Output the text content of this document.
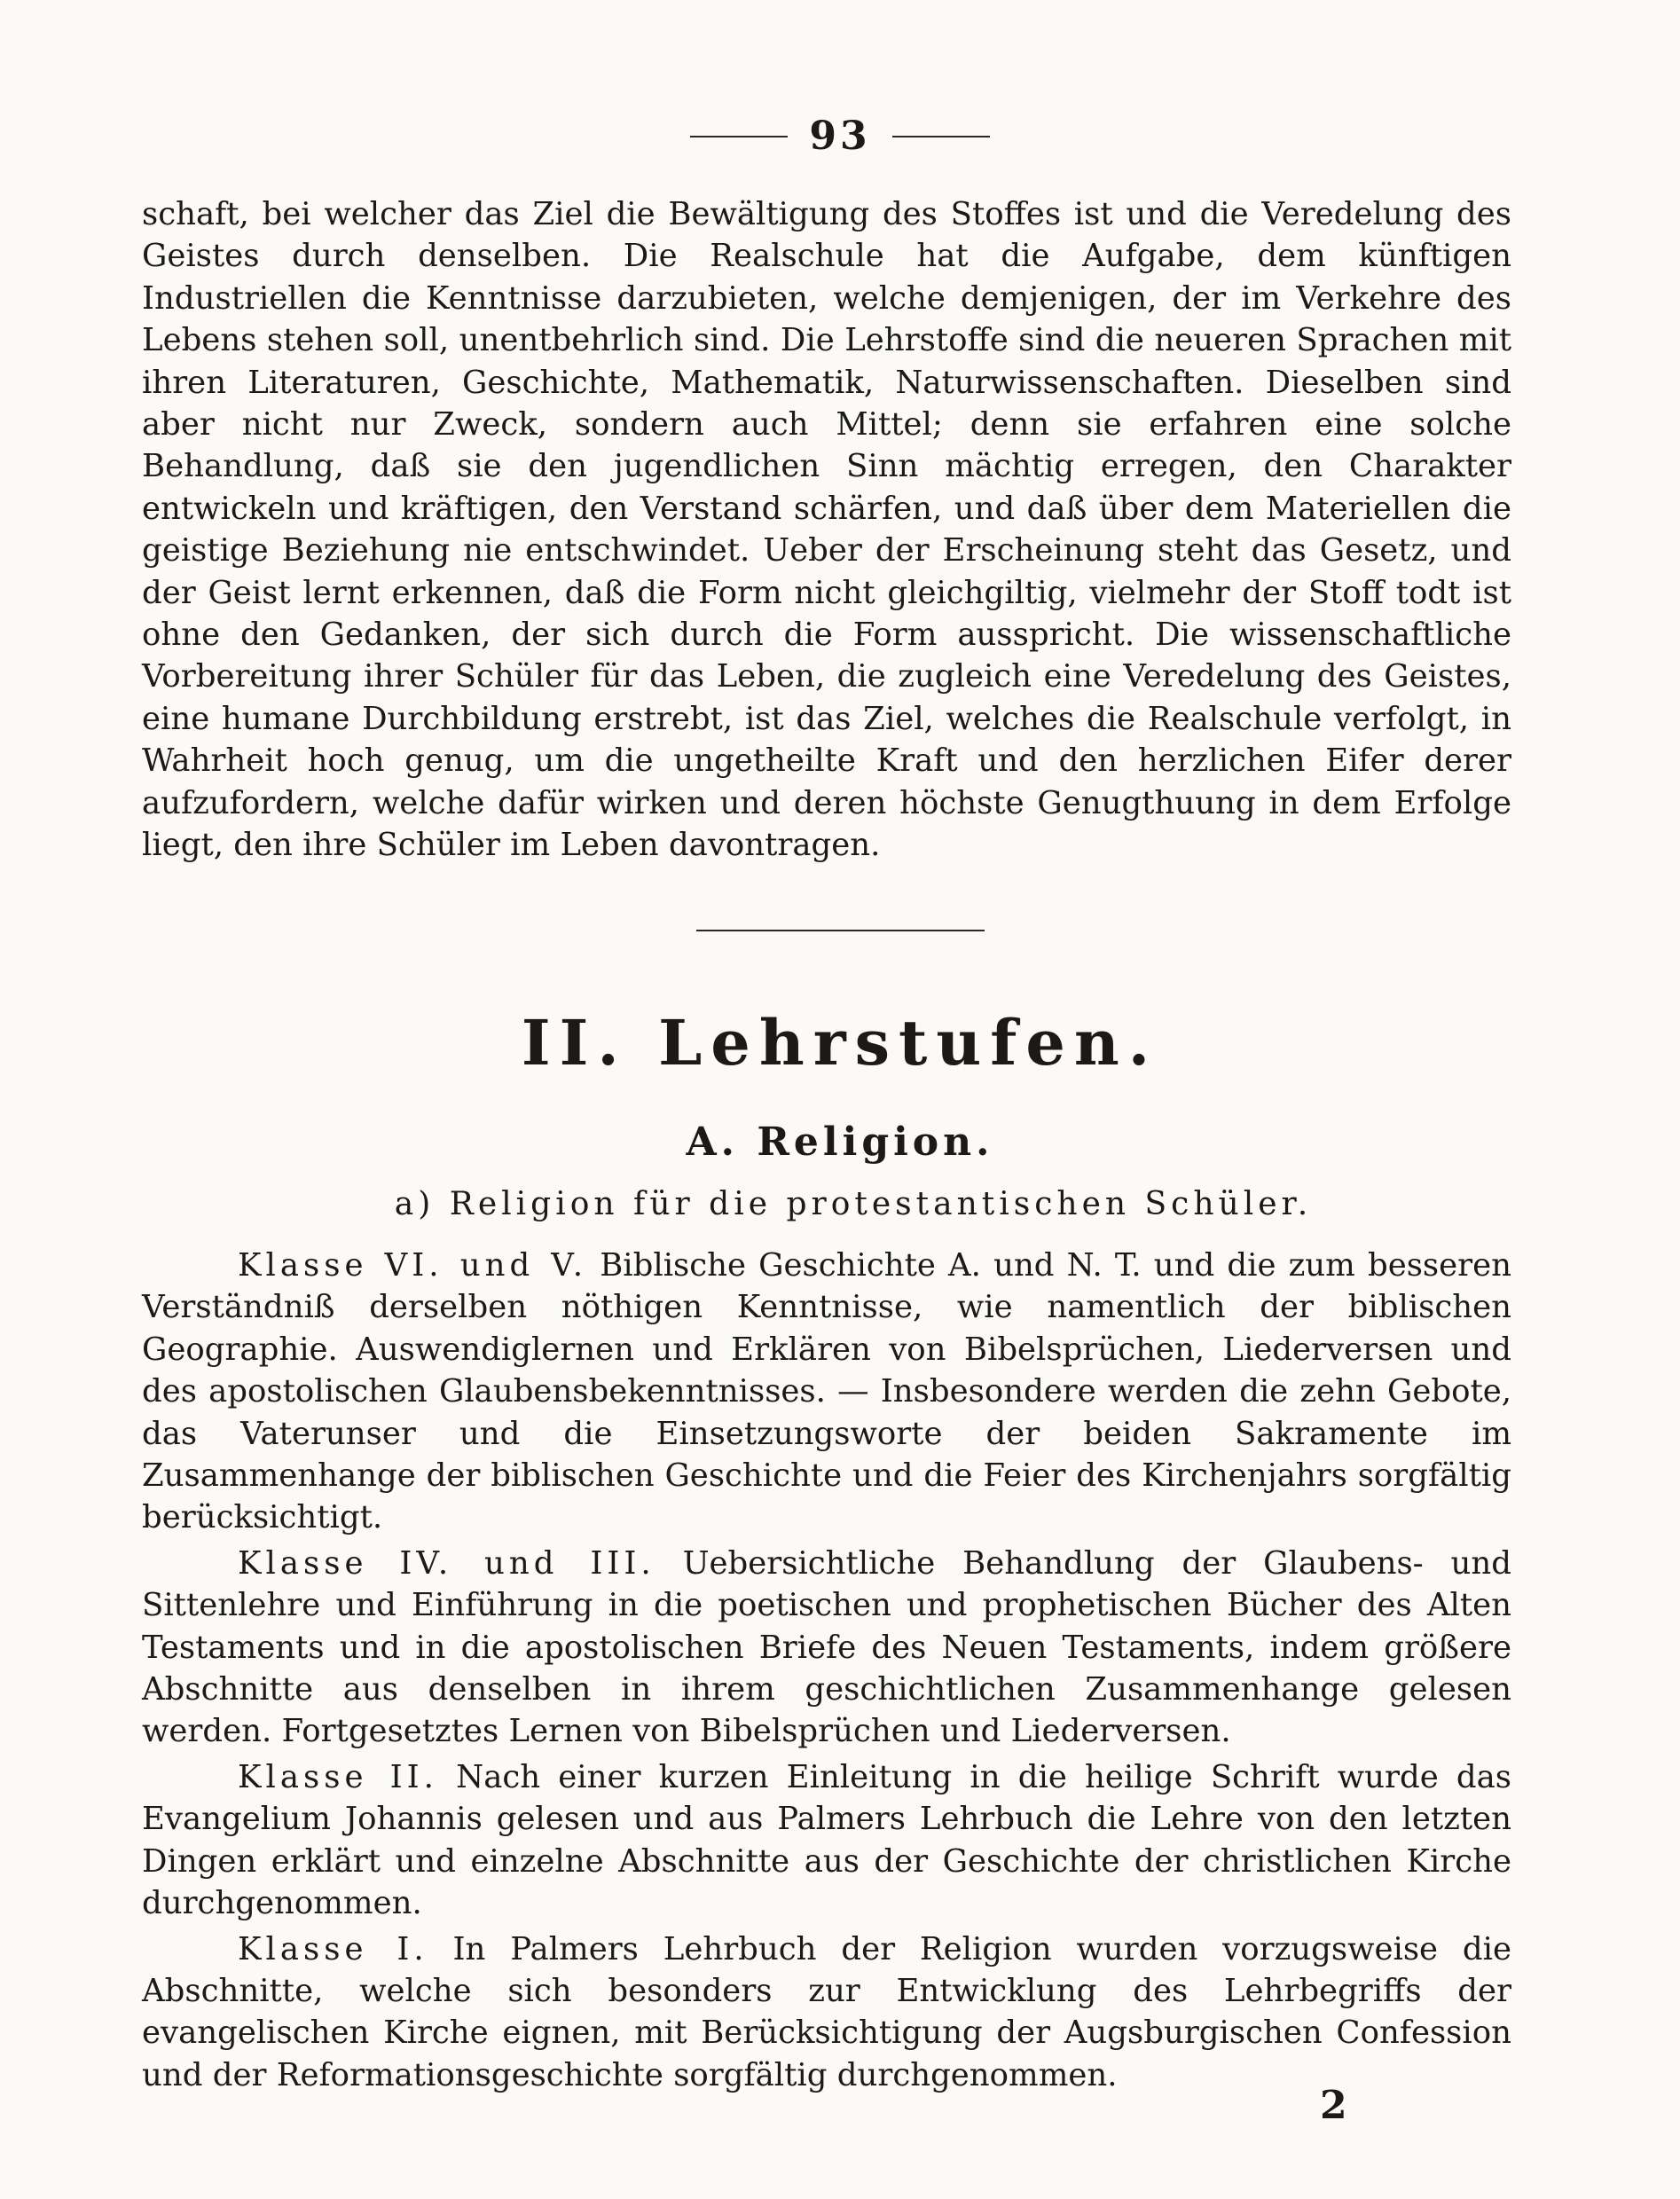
93

schaft, bei welcher das Ziel die Bewältigung des Stoffes ist und die Veredelung des Geistes durch denselben. Die Realschule hat die Aufgabe, dem künftigen Industriellen die Kenntnisse darzubieten, welche demjenigen, der im Verkehre des Lebens stehen soll, unentbehrlich sind. Die Lehrstoffe sind die neueren Sprachen mit ihren Literaturen, Geschichte, Mathematik, Naturwissenschaften. Dieselben sind aber nicht nur Zweck, sondern auch Mittel; denn sie erfahren eine solche Behandlung, daß sie den jugendlichen Sinn mächtig erregen, den Charakter entwickeln und kräftigen, den Verstand schärfen, und daß über dem Materiellen die geistige Beziehung nie entschwindet. Ueber der Erscheinung steht das Gesetz, und der Geist lernt erkennen, daß die Form nicht gleichgiltig, vielmehr der Stoff todt ist ohne den Gedanken, der sich durch die Form ausspricht. Die wissenschaftliche Vorbereitung ihrer Schüler für das Leben, die zugleich eine Veredelung des Geistes, eine humane Durchbildung erstrebt, ist das Ziel, welches die Realschule verfolgt, in Wahrheit hoch genug, um die ungetheilte Kraft und den herzlichen Eifer derer aufzufordern, welche dafür wirken und deren höchste Genugthuung in dem Erfolge liegt, den ihre Schüler im Leben davontragen.

II. Lehrstufen.
A. Religion.
a) Religion für die protestantischen Schüler.

Klasse VI. und V. Biblische Geschichte A. und N. T. und die zum besseren Verständniß derselben nöthigen Kenntnisse, wie namentlich der biblischen Geographie. Auswendiglernen und Erklären von Bibelsprüchen, Liederversen und des apostolischen Glaubensbekenntnisses. — Insbesondere werden die zehn Gebote, das Vaterunser und die Einsetzungsworte der beiden Sakramente im Zusammenhange der biblischen Geschichte und die Feier des Kirchenjahrs sorgfältig berücksichtigt.

Klasse IV. und III. Uebersichtliche Behandlung der Glaubens- und Sittenlehre und Einführung in die poetischen und prophetischen Bücher des Alten Testaments und in die apostolischen Briefe des Neuen Testaments, indem größere Abschnitte aus denselben in ihrem geschichtlichen Zusammenhange gelesen werden. Fortgesetztes Lernen von Bibelsprüchen und Liederversen.

Klasse II. Nach einer kurzen Einleitung in die heilige Schrift wurde das Evangelium Johannis gelesen und aus Palmers Lehrbuch die Lehre von den letzten Dingen erklärt und einzelne Abschnitte aus der Geschichte der christlichen Kirche durchgenommen.

Klasse I. In Palmers Lehrbuch der Religion wurden vorzugsweise die Abschnitte, welche sich besonders zur Entwicklung des Lehrbegriffs der evangelischen Kirche eignen, mit Berücksichtigung der Augsburgischen Confession und der Reformationsgeschichte sorgfältig durchgenommen.

2
